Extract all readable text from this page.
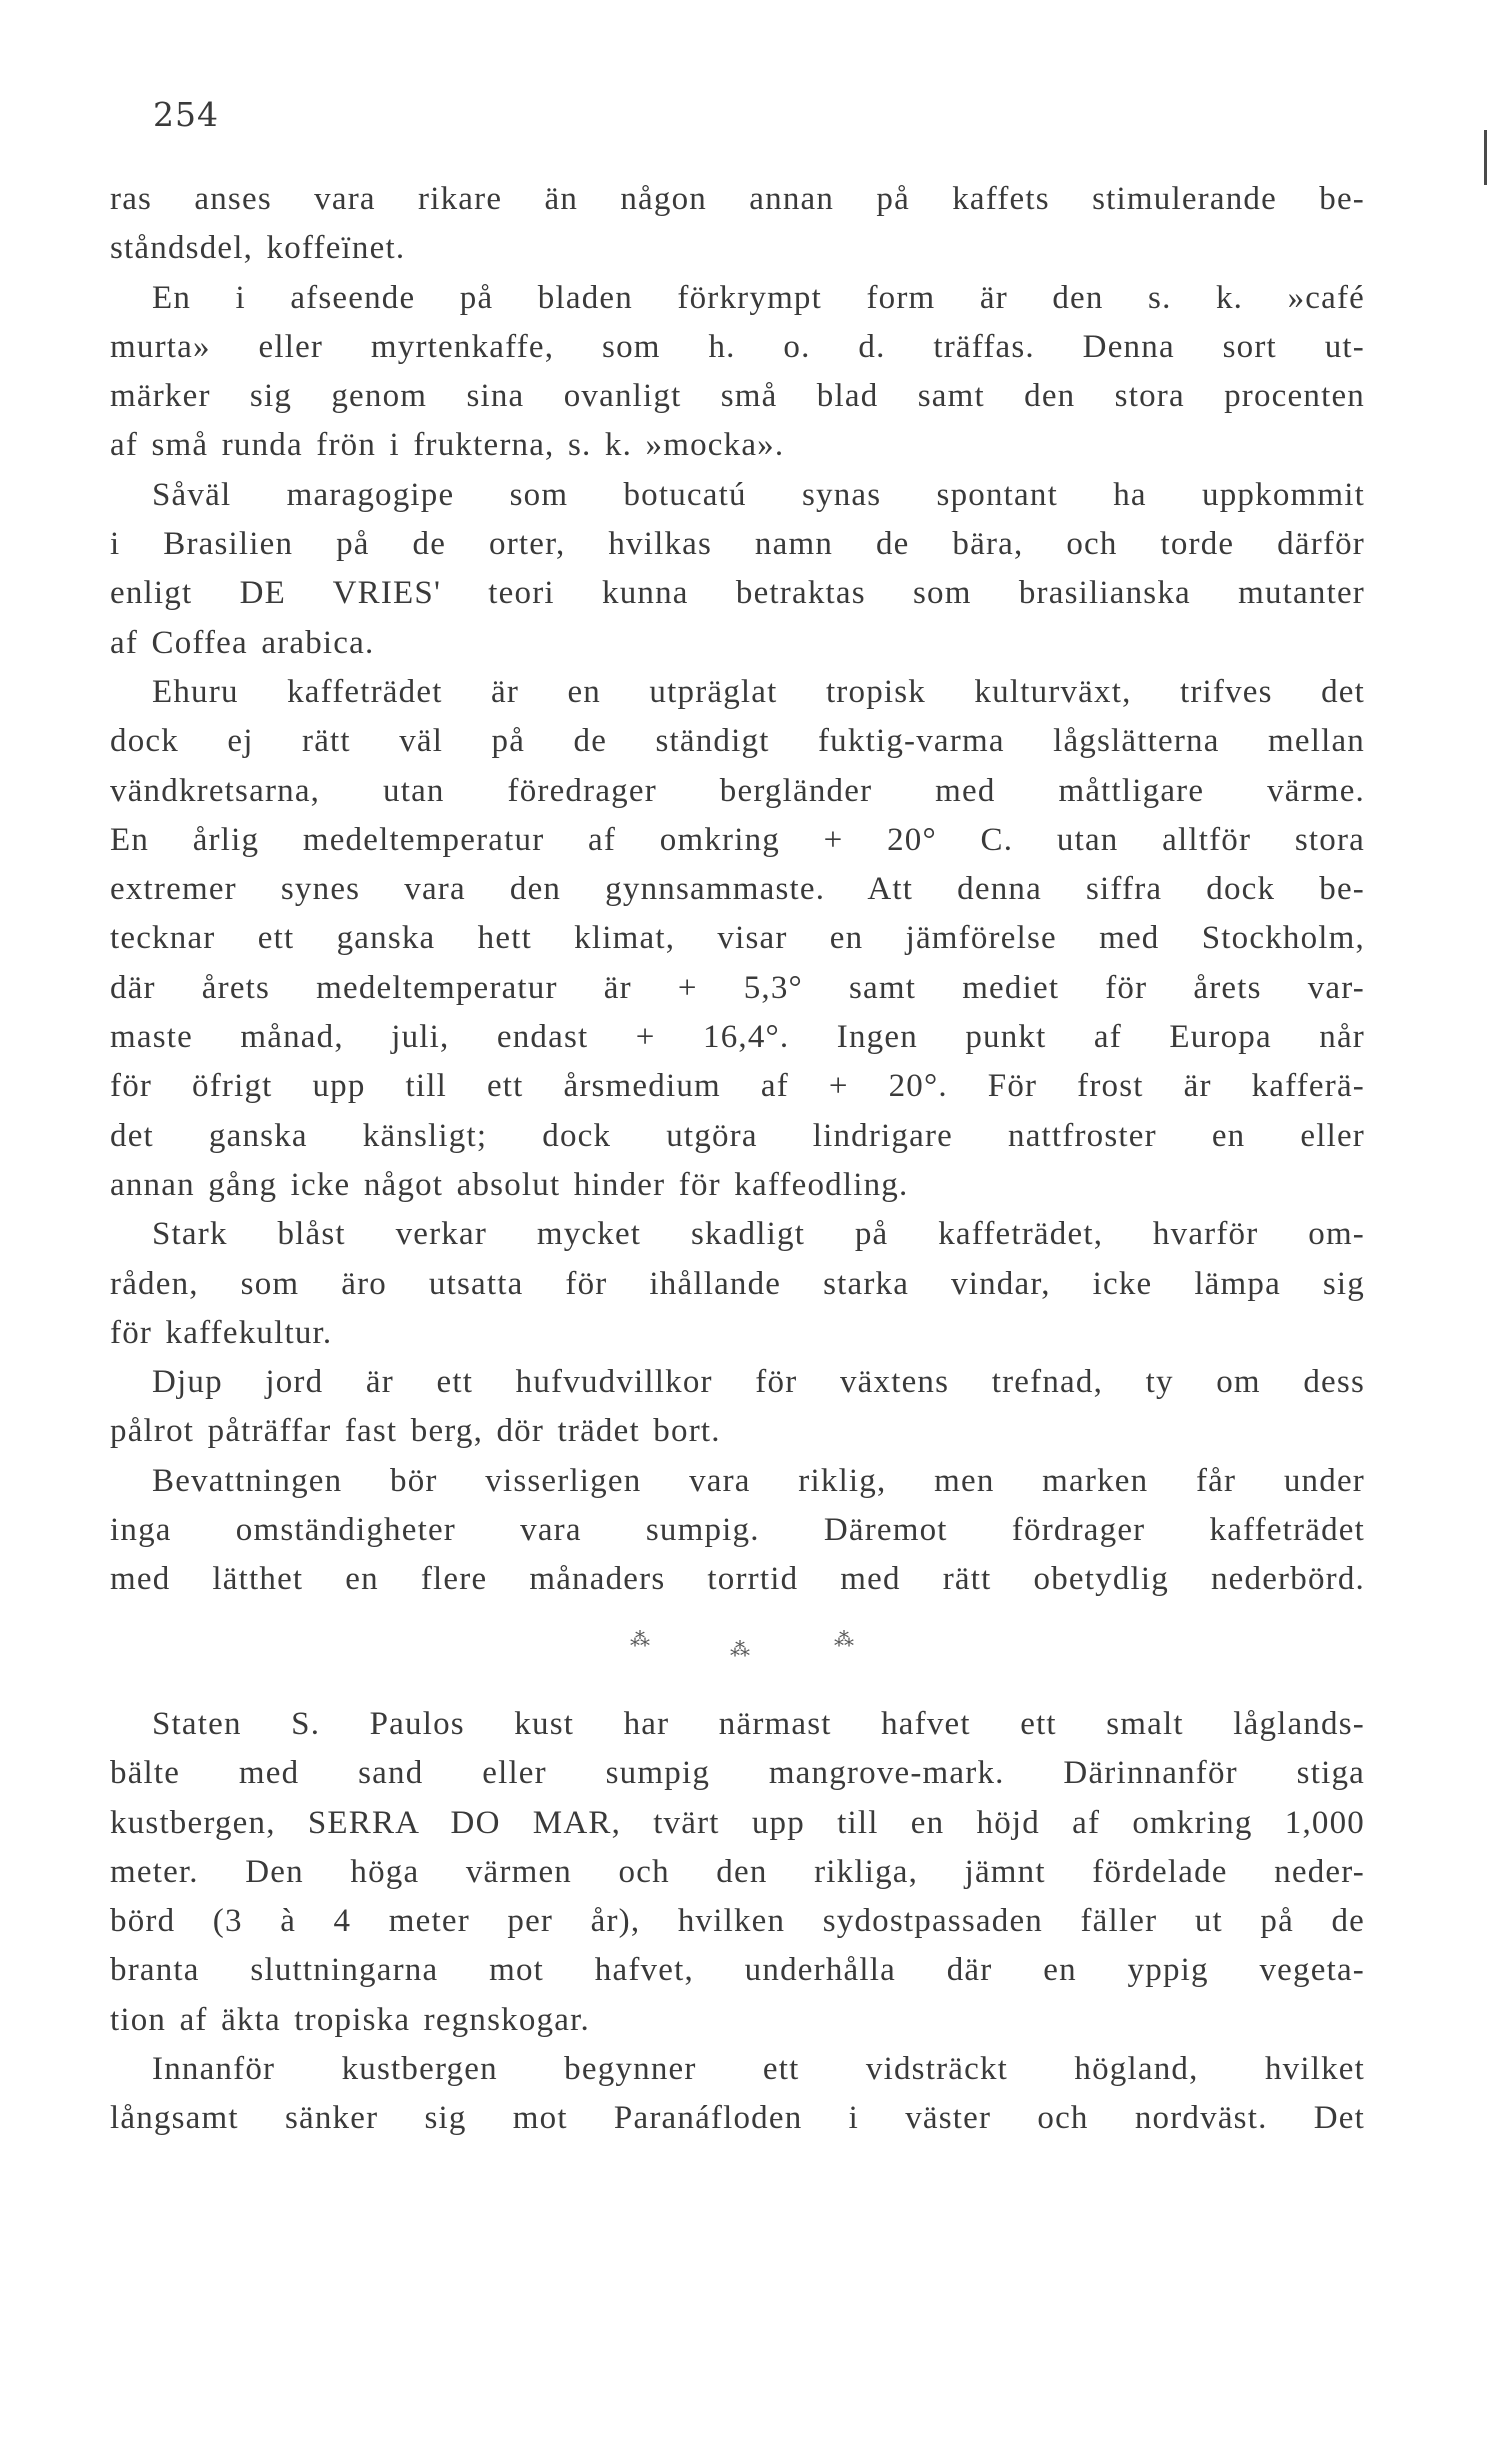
254
ras anses vara rikare än någon annan på kaffets stimulerande be-
ståndsdel, koffeïnet.
En i afseende på bladen förkrympt form är den s. k. »café
murta» eller myrtenkaffe, som h. o. d. träffas. Denna sort ut-
märker sig genom sina ovanligt små blad samt den stora procenten
af små runda frön i frukterna, s. k. »mocka».
Såväl maragogipe som botucatú synas spontant ha uppkommit
i Brasilien på de orter, hvilkas namn de bära, och torde därför
enligt DE VRIES' teori kunna betraktas som brasilianska mutanter
af Coffea arabica.
Ehuru kaffeträdet är en utpräglat tropisk kulturväxt, trifves det
dock ej rätt väl på de ständigt fuktig-varma lågslätterna mellan
vändkretsarna, utan föredrager bergländer med måttligare värme.
En årlig medeltemperatur af omkring + 20° C. utan alltför stora
extremer synes vara den gynnsammaste. Att denna siffra dock be-
tecknar ett ganska hett klimat, visar en jämförelse med Stockholm,
där årets medeltemperatur är + 5,3° samt mediet för årets var-
maste månad, juli, endast + 16,4°. Ingen punkt af Europa når
för öfrigt upp till ett årsmedium af + 20°. För frost är kafferä-
det ganska känsligt; dock utgöra lindrigare nattfroster en eller
annan gång icke något absolut hinder för kaffeodling.
Stark blåst verkar mycket skadligt på kaffeträdet, hvarför om-
råden, som äro utsatta för ihållande starka vindar, icke lämpa sig
för kaffekultur.
Djup jord är ett hufvudvillkor för växtens trefnad, ty om dess
pålrot påträffar fast berg, dör trädet bort.
Bevattningen bör visserligen vara riklig, men marken får under
inga omständigheter vara sumpig. Däremot fördrager kaffeträdet
med lätthet en flere månaders torrtid med rätt obetydlig nederbörd.
⁂	⁂	⁂
Staten S. Paulos kust har närmast hafvet ett smalt låglands-
bälte med sand eller sumpig mangrove-mark. Därinnanför stiga
kustbergen, SERRA DO MAR, tvärt upp till en höjd af omkring 1,000
meter. Den höga värmen och den rikliga, jämnt fördelade neder-
börd (3 à 4 meter per år), hvilken sydostpassaden fäller ut på de
branta sluttningarna mot hafvet, underhålla där en yppig vegeta-
tion af äkta tropiska regnskogar.
Innanför kustbergen begynner ett vidsträckt högland, hvilket
långsamt sänker sig mot Paranáfloden i väster och nordväst. Det
